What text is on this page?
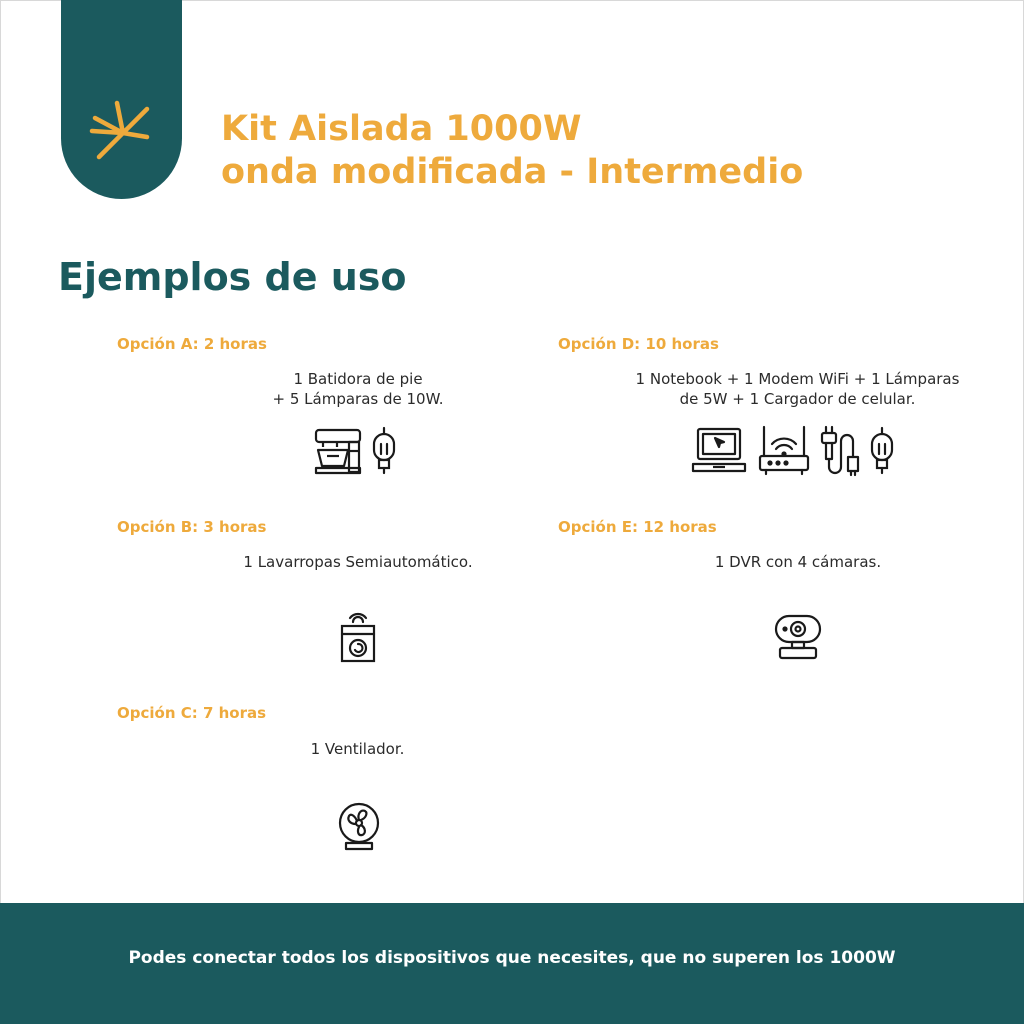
Kit Aislada 1000W
onda modificada - Intermedio
Ejemplos de uso

Opción A: 2 horas

1 Batidora de pie
+ 5 Lámparas de 10W.

Opción B: 3 horas

1 Lavarropas Semiautomático.

Opción C: 7 horas

1 Ventilador.

Opción D: 10 horas

1 Notebook + 1 Modem WiFi + 1 Lámparas
de 5W + 1 Cargador de celular.

Opción E: 12 horas

1 DVR con 4 cámaras.

Podes conectar todos los dispositivos que necesites, que no superen los 1000W
